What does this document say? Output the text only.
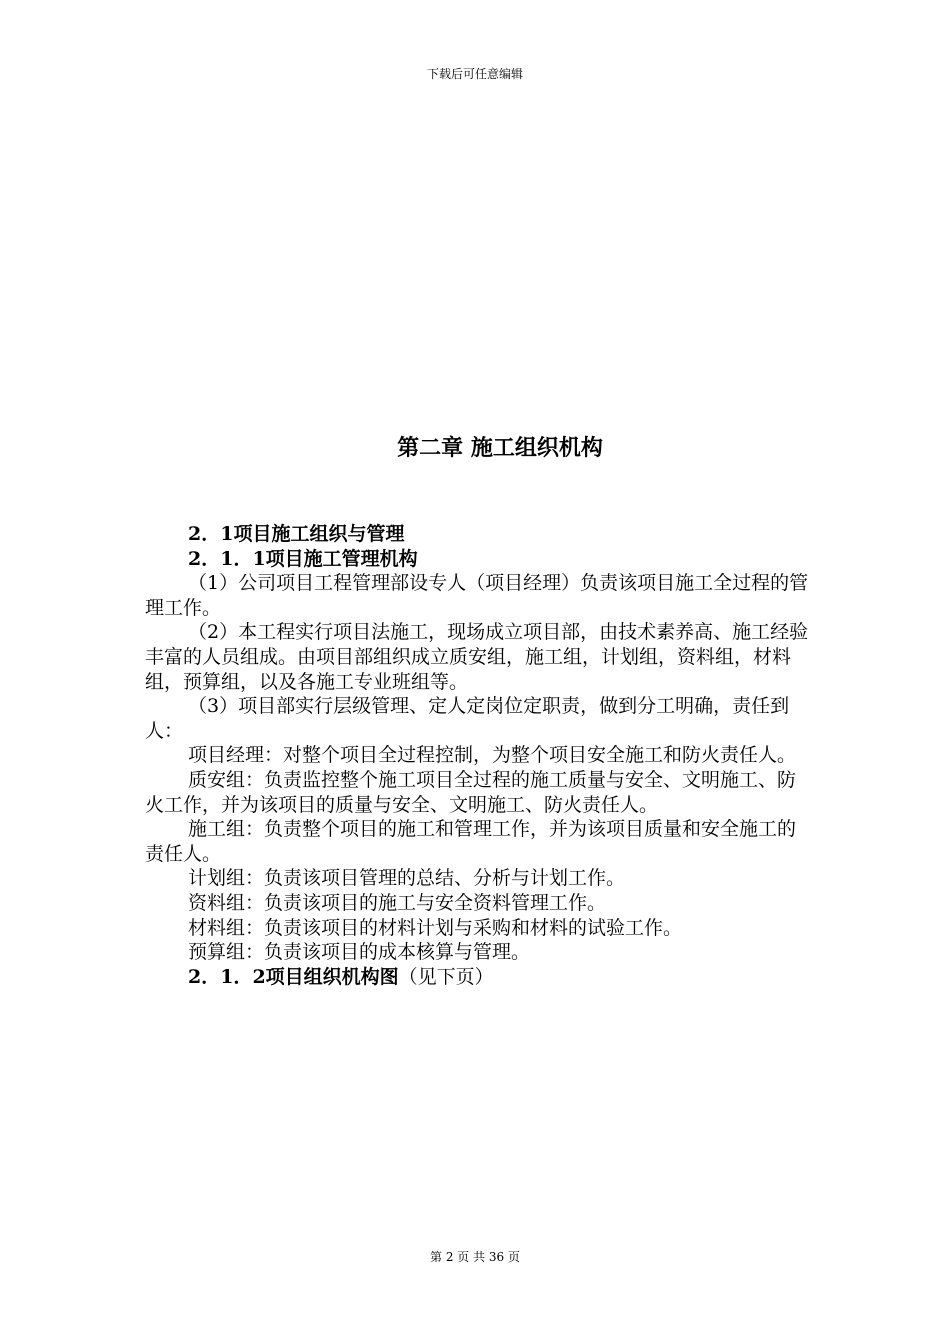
下载后可任意编辑
第二章 施工组织机构
2．1项目施工组织与管理
2．1．1项目施工管理机构
（1）公司项目工程管理部设专人（项目经理）负责该项目施工全过程的管理工作。
（2）本工程实行项目法施工，现场成立项目部，由技术素养高、施工经验丰富的人员组成。由项目部组织成立质安组，施工组，计划组，资料组，材料组，预算组，以及各施工专业班组等。
（3）项目部实行层级管理、定人定岗位定职责，做到分工明确，责任到人：
项目经理：对整个项目全过程控制，为整个项目安全施工和防火责任人。
质安组：负责监控整个施工项目全过程的施工质量与安全、文明施工、防火工作，并为该项目的质量与安全、文明施工、防火责任人。
施工组：负责整个项目的施工和管理工作，并为该项目质量和安全施工的责任人。
计划组：负责该项目管理的总结、分析与计划工作。
资料组：负责该项目的施工与安全资料管理工作。
材料组：负责该项目的材料计划与采购和材料的试验工作。
预算组：负责该项目的成本核算与管理。
2．1．2项目组织机构图（见下页）
第 2 页 共 36 页
